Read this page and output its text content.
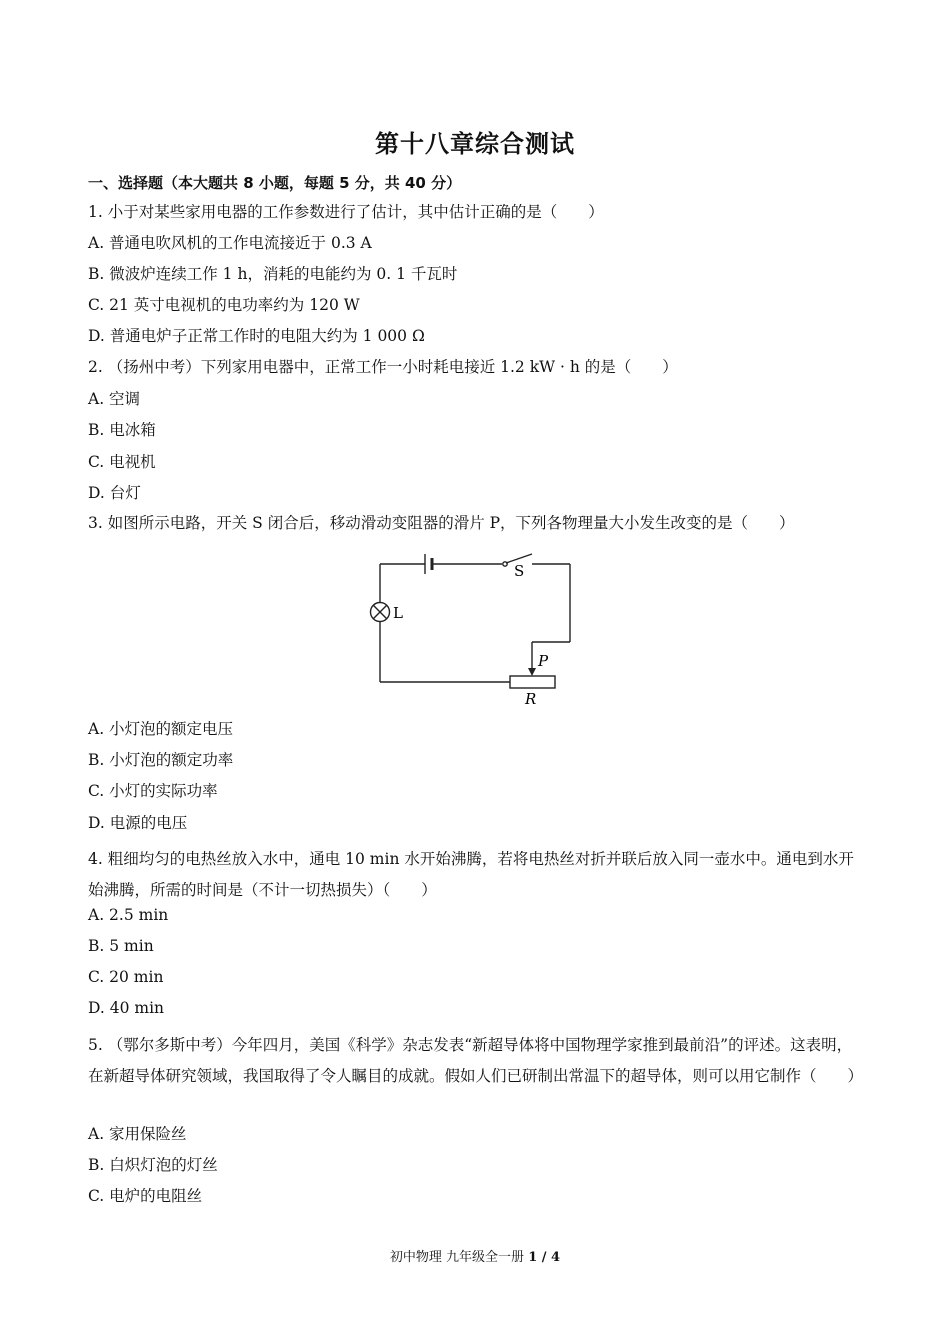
第十八章综合测试
一、选择题（本大题共 8 小题，每题 5 分，共 40 分）
1. 小于对某些家用电器的工作参数进行了估计，其中估计正确的是（　　）
A. 普通电吹风机的工作电流接近于 0.3 A
B. 微波炉连续工作 1 h，消耗的电能约为 0. 1 千瓦时
C. 21 英寸电视机的电功率约为 120 W
D. 普通电炉子正常工作时的电阻大约为 1 000 Ω
2. （扬州中考）下列家用电器中，正常工作一小时耗电接近 1.2 kW · h 的是（　　）
A. 空调
B. 电冰箱
C. 电视机
D. 台灯
3. 如图所示电路，开关 S 闭合后，移动滑动变阻器的滑片 P，下列各物理量大小发生改变的是（　　）
S
L
P
R
A. 小灯泡的额定电压
B. 小灯泡的额定功率
C. 小灯的实际功率
D. 电源的电压
4. 粗细均匀的电热丝放入水中，通电 10 min 水开始沸腾，若将电热丝对折并联后放入同一壶水中。通电到水开始沸腾，所需的时间是（不计一切热损失）（　　）
A. 2.5 min
B. 5 min
C. 20 min
D. 40 min
5. （鄂尔多斯中考）今年四月，美国《科学》杂志发表“新超导体将中国物理学家推到最前沿”的评述。这表明，在新超导体研究领域，我国取得了令人瞩目的成就。假如人们已研制出常温下的超导体，则可以用它制作（　　）
A. 家用保险丝
B. 白炽灯泡的灯丝
C. 电炉的电阻丝
初中物理 九年级全一册 1 / 4
